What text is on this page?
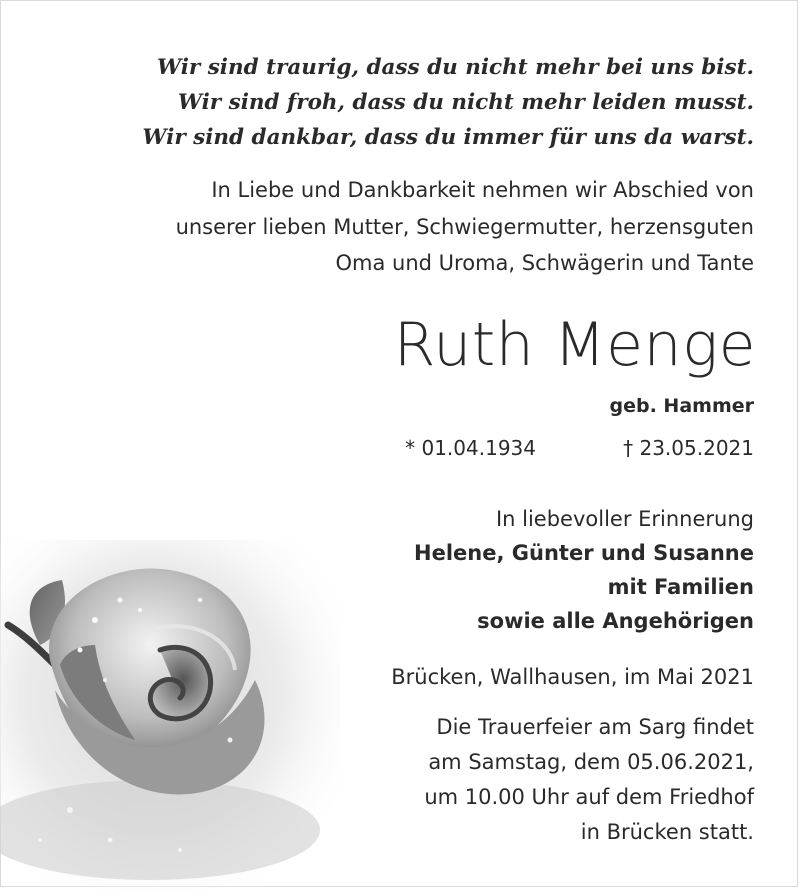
Wir sind traurig, dass du nicht mehr bei uns bist.
Wir sind froh, dass du nicht mehr leiden musst.
Wir sind dankbar, dass du immer für uns da warst.
In Liebe und Dankbarkeit nehmen wir Abschied von
unserer lieben Mutter, Schwiegermutter, herzensguten
Oma und Uroma, Schwägerin und Tante
Ruth Menge
geb. Hammer
* 01.04.1934	† 23.05.2021
In liebevoller Erinnerung
Helene, Günter und Susanne
mit Familien
sowie alle Angehörigen
Brücken, Wallhausen, im Mai 2021
Die Trauerfeier am Sarg findet
am Samstag, dem 05.06.2021,
um 10.00 Uhr auf dem Friedhof
in Brücken statt.
